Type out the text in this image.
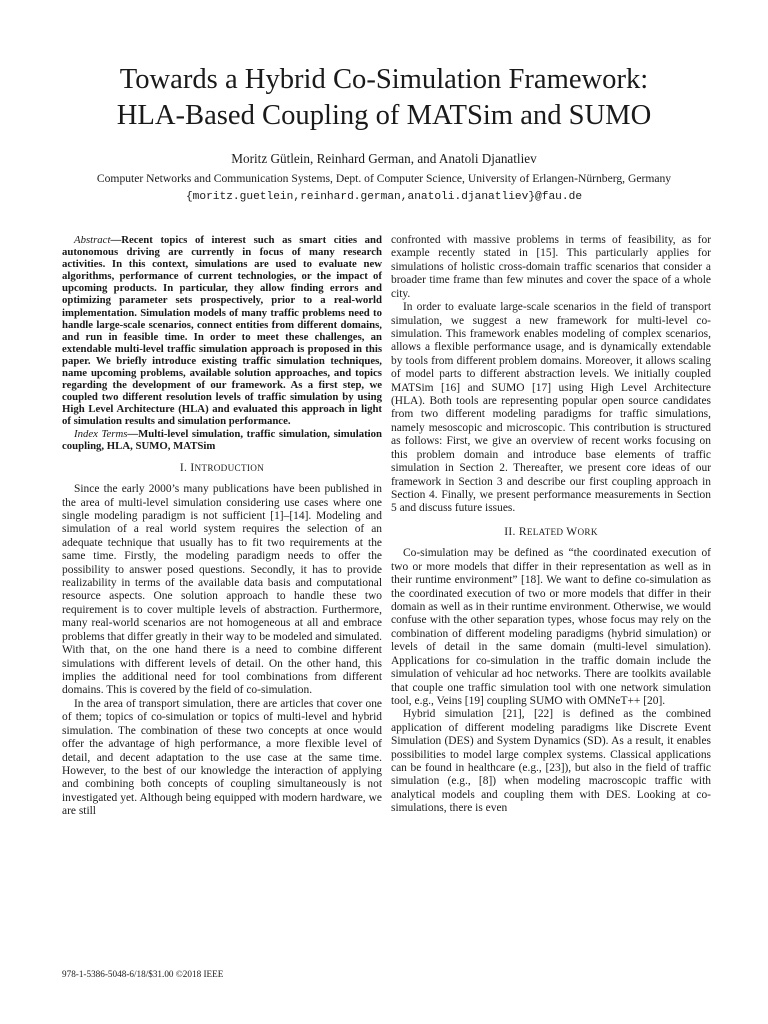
Towards a Hybrid Co-Simulation Framework:
HLA-Based Coupling of MATSim and SUMO
Moritz Gütlein, Reinhard German, and Anatoli Djanatliev
Computer Networks and Communication Systems, Dept. of Computer Science, University of Erlangen-Nürnberg, Germany
{moritz.guetlein,reinhard.german,anatoli.djanatliev}@fau.de

Abstract—Recent topics of interest such as smart cities and autonomous driving are currently in focus of many research activities. In this context, simulations are used to evaluate new algorithms, performance of current technologies, or the impact of upcoming products. In particular, they allow finding errors and optimizing parameter sets prospectively, prior to a real-world implementation. Simulation models of many traffic problems need to handle large-scale scenarios, connect entities from different domains, and run in feasible time. In order to meet these challenges, an extendable multi-level traffic simulation approach is proposed in this paper. We briefly introduce existing traffic simulation techniques, name upcoming problems, available solution approaches, and topics regarding the development of our framework. As a first step, we coupled two different resolution levels of traffic simulation by using High Level Architecture (HLA) and evaluated this approach in light of simulation results and simulation performance.

Index Terms—Multi-level simulation, traffic simulation, simulation coupling, HLA, SUMO, MATSim

I. INTRODUCTION

Since the early 2000’s many publications have been published in the area of multi-level simulation considering use cases where one single modeling paradigm is not sufficient [1]–[14]. Modeling and simulation of a real world system requires the selection of an adequate technique that usually has to fit two requirements at the same time. Firstly, the modeling paradigm needs to offer the possibility to answer posed questions. Secondly, it has to provide realizability in terms of the available data basis and computational resource aspects. One solution approach to handle these two requirement is to cover multiple levels of abstraction. Furthermore, many real-world scenarios are not homogeneous at all and embrace problems that differ greatly in their way to be modeled and simulated. With that, on the one hand there is a need to combine different simulations with different levels of detail. On the other hand, this implies the additional need for tool combinations from different domains. This is covered by the field of co-simulation.

In the area of transport simulation, there are articles that cover one of them; topics of co-simulation or topics of multi-level and hybrid simulation. The combination of these two concepts at once would offer the advantage of high performance, a more flexible level of detail, and decent adaptation to the use case at the same time. However, to the best of our knowledge the interaction of applying and combining both concepts of coupling simultaneously is not investigated yet. Although being equipped with modern hardware, we are still

confronted with massive problems in terms of feasibility, as for example recently stated in [15]. This particularly applies for simulations of holistic cross-domain traffic scenarios that consider a broader time frame than few minutes and cover the space of a whole city.

In order to evaluate large-scale scenarios in the field of transport simulation, we suggest a new framework for multi-level co-simulation. This framework enables modeling of complex scenarios, allows a flexible performance usage, and is dynamically extendable by tools from different problem domains. Moreover, it allows scaling of model parts to different abstraction levels. We initially coupled MATSim [16] and SUMO [17] using High Level Architecture (HLA). Both tools are representing popular open source candidates from two different modeling paradigms for traffic simulations, namely mesoscopic and microscopic. This contribution is structured as follows: First, we give an overview of recent works focusing on this problem domain and introduce base elements of traffic simulation in Section 2. Thereafter, we present core ideas of our framework in Section 3 and describe our first coupling approach in Section 4. Finally, we present performance measurements in Section 5 and discuss future issues.

II. RELATED WORK

Co-simulation may be defined as “the coordinated execution of two or more models that differ in their representation as well as in their runtime environment” [18]. We want to define co-simulation as the coordinated execution of two or more models that differ in their domain as well as in their runtime environment. Otherwise, we would confuse with the other separation types, whose focus may rely on the combination of different modeling paradigms (hybrid simulation) or levels of detail in the same domain (multi-level simulation). Applications for co-simulation in the traffic domain include the simulation of vehicular ad hoc networks. There are toolkits available that couple one traffic simulation tool with one network simulation tool, e.g., Veins [19] coupling SUMO with OMNeT++ [20].

Hybrid simulation [21], [22] is defined as the combined application of different modeling paradigms like Discrete Event Simulation (DES) and System Dynamics (SD). As a result, it enables possibilities to model large complex systems. Classical applications can be found in healthcare (e.g., [23]), but also in the field of traffic simulation (e.g., [8]) when modeling macroscopic traffic with analytical models and coupling them with DES. Looking at co-simulations, there is even

978-1-5386-5048-6/18/$31.00 ©2018 IEEE
